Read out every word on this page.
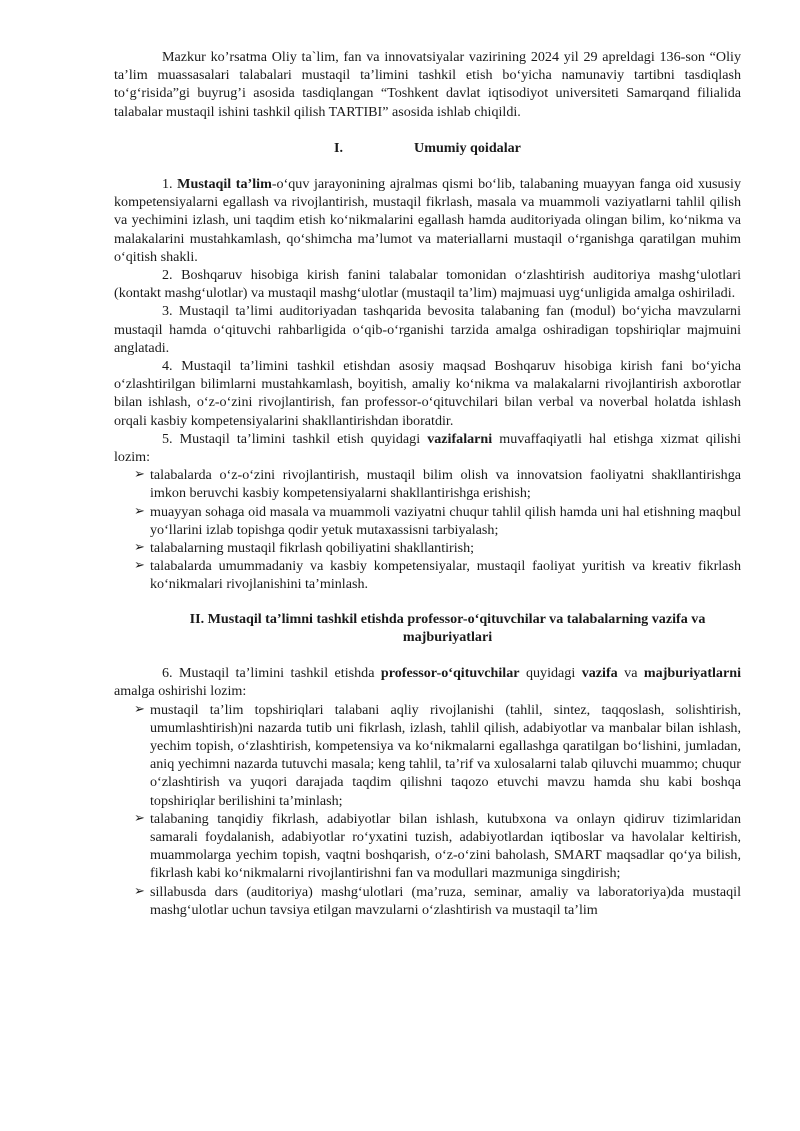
Mazkur ko’rsatma Oliy ta`lim, fan va innovatsiyalar vazirining 2024 yil 29 apreldagi 136-son “Oliy ta’lim muassasalari talabalari mustaqil ta’limini tashkil etish bo‘yicha namunaviy tartibni tasdiqlash to‘g‘risida”gi buyrug’i asosida tasdiqlangan “Toshkent davlat iqtisodiyot universiteti Samarqand filialida talabalar mustaqil ishini tashkil qilish TARTIBI” asosida ishlab chiqildi.

I.	Umumiy qoidalar

1. Mustaqil ta’lim-o‘quv jarayonining ajralmas qismi bo‘lib, talabaning muayyan fanga oid xususiy kompetensiyalarni egallash va rivojlantirish, mustaqil fikrlash, masala va muammoli vaziyatlarni tahlil qilish va yechimini izlash, uni taqdim etish ko‘nikmalarini egallash hamda auditoriyada olingan bilim, ko‘nikma va malakalarini mustahkamlash, qo‘shimcha ma’lumot va materiallarni mustaqil o‘rganishga qaratilgan muhim o‘qitish shakli.

2. Boshqaruv hisobiga kirish fanini talabalar tomonidan o‘zlashtirish auditoriya mashg‘ulotlari (kontakt mashg‘ulotlar) va mustaqil mashg‘ulotlar (mustaqil ta’lim) majmuasi uyg‘unligida amalga oshiriladi.

3. Mustaqil ta’limi auditoriyadan tashqarida bevosita talabaning fan (modul) bo‘yicha mavzularni mustaqil hamda o‘qituvchi rahbarligida o‘qib-o‘rganishi tarzida amalga oshiradigan topshiriqlar majmuini anglatadi.

4. Mustaqil ta’limini tashkil etishdan asosiy maqsad Boshqaruv hisobiga kirish fani bo‘yicha o‘zlashtirilgan bilimlarni mustahkamlash, boyitish, amaliy ko‘nikma va malakalarni rivojlantirish axborotlar bilan ishlash, o‘z-o‘zini rivojlantirish, fan professor-o‘qituvchilari bilan verbal va noverbal holatda ishlash orqali kasbiy kompetensiyalarini shakllantirishdan iboratdir.

5. Mustaqil ta’limini tashkil etish quyidagi vazifalarni muvaffaqiyatli hal etishga xizmat qilishi lozim:

➢ talabalarda o‘z-o‘zini rivojlantirish, mustaqil bilim olish va innovatsion faoliyatni shakllantirishga imkon beruvchi kasbiy kompetensiyalarni shakllantirishga erishish;
➢ muayyan sohaga oid masala va muammoli vaziyatni chuqur tahlil qilish hamda uni hal etishning maqbul yo‘llarini izlab topishga qodir yetuk mutaxassisni tarbiyalash;
➢ talabalarning mustaqil fikrlash qobiliyatini shakllantirish;
➢ talabalarda umummadaniy va kasbiy kompetensiyalar, mustaqil faoliyat yuritish va kreativ fikrlash ko‘nikmalari rivojlanishini ta’minlash.

II. Mustaqil ta’limni tashkil etishda professor-o‘qituvchilar va talabalarning vazifa va majburiyatlari

6. Mustaqil ta’limini tashkil etishda professor-o‘qituvchilar quyidagi vazifa va majburiyatlarni amalga oshirishi lozim:

➢ mustaqil ta’lim topshiriqlari talabani aqliy rivojlanishi (tahlil, sintez, taqqoslash, solishtirish, umumlashtirish)ni nazarda tutib uni fikrlash, izlash, tahlil qilish, adabiyotlar va manbalar bilan ishlash, yechim topish, o‘zlashtirish, kompetensiya va ko‘nikmalarni egallashga qaratilgan bo‘lishini, jumladan, aniq yechimni nazarda tutuvchi masala; keng tahlil, ta’rif va xulosalarni talab qiluvchi muammo; chuqur o‘zlashtirish va yuqori darajada taqdim qilishni taqozo etuvchi mavzu hamda shu kabi boshqa topshiriqlar berilishini ta’minlash;
➢ talabaning tanqidiy fikrlash, adabiyotlar bilan ishlash, kutubxona va onlayn qidiruv tizimlaridan samarali foydalanish, adabiyotlar ro‘yxatini tuzish, adabiyotlardan iqtiboslar va havolalar keltirish, muammolarga yechim topish, vaqtni boshqarish, o‘z-o‘zini baholash, SMART maqsadlar qo‘ya bilish, fikrlash kabi ko‘nikmalarni rivojlantirishni fan va modullari mazmuniga singdirish;
➢ sillabusda dars (auditoriya) mashg‘ulotlari (ma’ruza, seminar, amaliy va laboratoriya)da mustaqil mashg‘ulotlar uchun tavsiya etilgan mavzularni o‘zlashtirish va mustaqil ta’lim
